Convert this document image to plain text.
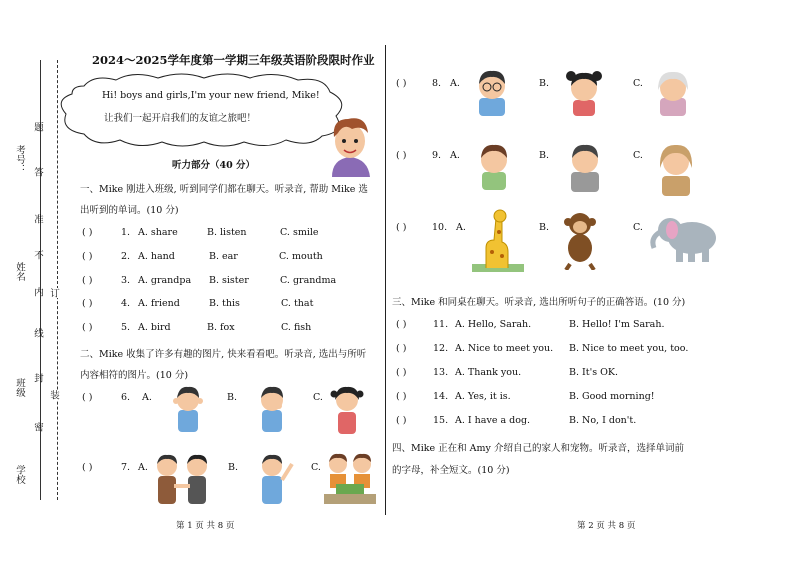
考号：
姓名
班级
学校
题
答
准
不
内
线
封
密
订
装
2024～2025学年度第一学期三年级英语阶段限时作业
Hi! boys and girls,I'm your new friend, Mike!
让我们一起开启我们的友谊之旅吧！
听力部分（40 分）
一、Mike 刚进入班级, 听到同学们都在聊天。听录音, 帮助 Mike 选
出听到的单词。(10 分)
( )	1. A. share	B. listen	C. smile
( )	2. A. hand	B. ear	C. mouth
( )	3. A. grandpa B. sister	C. grandma
( )	4. A. friend	B. this	C. that
( )	5. A. bird	B. fox	C. fish
二、Mike 收集了许多有趣的图片, 快来看看吧。听录音, 选出与所听
内容相符的图片。(10 分)
( )	6. A.	B.	C.
( )	7. A.	B.	C.
第 1 页 共 8 页
( )	8. A.	B.	C.
( )	9. A.	B.	C.
( )	10. A.	B.	C.
三、Mike 和同桌在聊天。听录音, 选出所听句子的正确答语。(10 分)
( )	11. A. Hello, Sarah.	B. Hello! I'm Sarah.
( )	12. A. Nice to meet you. B. Nice to meet you, too.
( )	13. A. Thank you.	B. It's OK.
( )	14. A. Yes, it is.	B. Good morning!
( )	15. A. I have a dog.	B. No, I don't.
四、Mike 正在和 Amy 介绍自己的家人和宠物。听录音，选择单词前
的字母，补全短文。(10 分)
第 2 页 共 8 页
